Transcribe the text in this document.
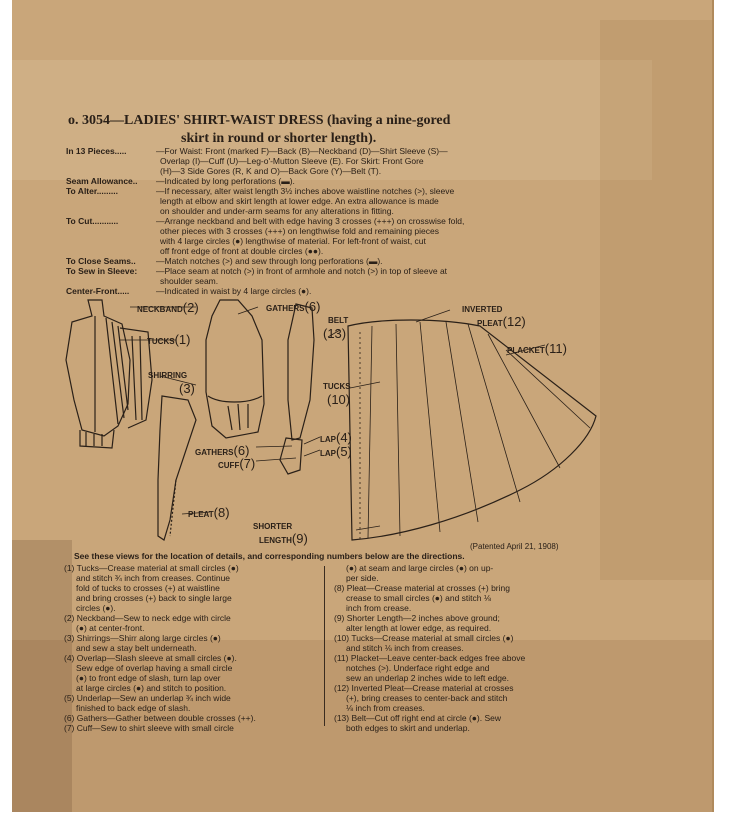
o. 3054—LADIES' SHIRT-WAIST DRESS (having a nine-gored
skirt in round or shorter length).
In 13 Pieces.....	—For Waist: Front (marked F)—Back (B)—Neckband (D)—Shirt Sleeve (S)—
Overlap (I)—Cuff (U)—Leg-o'-Mutton Sleeve (E). For Skirt: Front Gore
(H)—3 Side Gores (R, K and O)—Back Gore (Y)—Belt (T).
Seam Allowance.. —Indicated by long perforations (▬).
To Alter.........	—If necessary, alter waist length 3½ inches above waistline notches (>), sleeve
length at elbow and skirt length at lower edge. An extra allowance is made
on shoulder and under-arm seams for any alterations in fitting.
To Cut...........	—Arrange neckband and belt with edge having 3 crosses (+++) on crosswise fold,
other pieces with 3 crosses (+++) on lengthwise fold and remaining pieces
with 4 large circles (●) lengthwise of material. For left-front of waist, cut
off front edge of front at double circles (●●).
To Close Seams.. —Match notches (>) and sew through long perforations (▬).
To Sew in Sleeve: —Place seam at notch (>) in front of armhole and notch (>) in top of sleeve at
shoulder seam.
Center-Front.....	—Indicated in waist by 4 large circles (●).
NECKBAND(2)	GATHERS(6)
TUCKS(1)
SHIRRING
(3)
BELT
(13)
INVERTED
PLEAT(12)
PLACKET(11)
TUCKS
(10)
GATHERS(6)
CUFF(7)
LAP(4)
LAP(5)
PLEAT(8)
SHORTER
LENGTH(9)
(Patented April 21, 1908)
See these views for the location of details, and corresponding numbers below are the directions.

(1) Tucks—Crease material at small circles (●)

and stitch ¾ inch from creases. Continue

fold of tucks to crosses (+) at waistline

and bring crosses (+) back to single large

circles (●).

(2) Neckband—Sew to neck edge with circle

(●) at center-front.

(3) Shirrings—Shirr along large circles (●)

and sew a stay belt underneath.

(4) Overlap—Slash sleeve at small circles (●).

Sew edge of overlap having a small circle

(●) to front edge of slash, turn lap over

at large circles (●) and stitch to position.

(5) Underlap—Sew an underlap ¾ inch wide

finished to back edge of slash.

(6) Gathers—Gather between double crosses (++).

(7) Cuff—Sew to shirt sleeve with small circle

(●) at seam and large circles (●) on up-

per side.

(8) Pleat—Crease material at crosses (+) bring

crease to small circles (●) and stitch ⅛

inch from crease.

(9) Shorter Length—2 inches above ground;

alter length at lower edge, as required.

(10) Tucks—Crease material at small circles (●)

and stitch ⅛ inch from creases.

(11) Placket—Leave center-back edges free above

notches (>). Underface right edge and

sew an underlap 2 inches wide to left edge.

(12) Inverted Pleat—Crease material at crosses

(+), bring creases to center-back and stitch

⅛ inch from creases.

(13) Belt—Cut off right end at circle (●). Sew

both edges to skirt and underlap.
